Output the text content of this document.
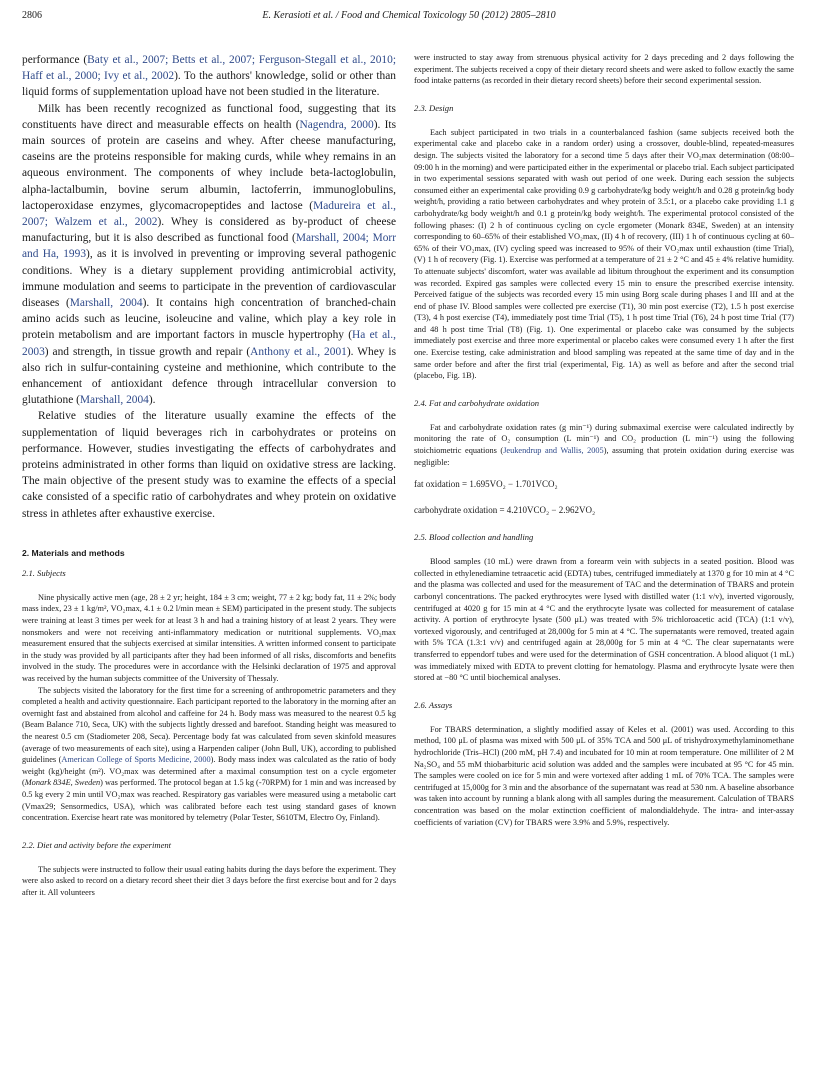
2806	E. Kerasioti et al. / Food and Chemical Toxicology 50 (2012) 2805–2810

performance (Baty et al., 2007; Betts et al., 2007; Ferguson-Stegall et al., 2010; Haff et al., 2000; Ivy et al., 2002). To the authors' knowledge, solid or other than liquid forms of supplementation upload have not been studied in the literature.

Milk has been recently recognized as functional food, suggesting that its constituents have direct and measurable effects on health (Nagendra, 2000). Its main sources of protein are caseins and whey. After cheese manufacturing, caseins are the proteins responsible for making curds, while whey remains in an aqueous environment. The components of whey include beta-lactoglobulin, alpha-lactalbumin, bovine serum albumin, lactoferrin, immunoglobulins, lactoperoxidase enzymes, glycomacropeptides and lactose (Madureira et al., 2007; Walzem et al., 2002). Whey is considered as by-product of cheese manufacturing, but it is also described as functional food (Marshall, 2004; Morr and Ha, 1993), as it is involved in preventing or improving several pathogenic conditions. Whey is a dietary supplement providing antimicrobial activity, immune modulation and seems to participate in the prevention of cardiovascular diseases (Marshall, 2004). It contains high concentration of branched-chain amino acids such as leucine, isoleucine and valine, which play a key role in protein metabolism and are important factors in muscle hypertrophy (Ha et al., 2003) and strength, in tissue growth and repair (Anthony et al., 2001). Whey is also rich in sulfur-containing cysteine and methionine, which contribute to the enhancement of antioxidant defence through intracellular conversion to glutathione (Marshall, 2004).

Relative studies of the literature usually examine the effects of the supplementation of liquid beverages rich in carbohydrates or proteins on performance. However, studies investigating the effects of carbohydrates and proteins administrated in other forms than liquid on oxidative stress are lacking. The main objective of the present study was to examine the effects of a special cake consisted of a specific ratio of carbohydrates and whey protein on oxidative stress in athletes after exhaustive exercise.

2. Materials and methods

2.1. Subjects

Nine physically active men (age, 28 ± 2 yr; height, 184 ± 3 cm; weight, 77 ± 2 kg; body fat, 11 ± 2%; body mass index, 23 ± 1 kg/m², VO₂max, 4.1 ± 0.2 l/min mean ± SEM) participated in the present study. The subjects were training at least 3 times per week for at least 3 h and had a training history of at least 2 years. They were nonsmokers and were not receiving anti-inflammatory medication or nutritional supplements. VO₂max measurement ensured that the subjects exercised at similar intensities. A written informed consent to participate in the study was provided by all participants after they had been informed of all risks, discomforts and benefits involved in the study. The procedures were in accordance with the Helsinki declaration of 1975 and approval was received by the human subjects committee of the University of Thessaly.

The subjects visited the laboratory for the first time for a screening of anthropometric parameters and they completed a health and activity questionnaire. Each participant reported to the laboratory in the morning after an overnight fast and abstained from alcohol and caffeine for 24 h. Body mass was measured to the nearest 0.5 kg (Beam Balance 710, Seca, UK) with the subjects lightly dressed and barefoot. Standing height was measured to the nearest 0.5 cm (Stadiometer 208, Seca). Percentage body fat was calculated from seven skinfold measures (average of two measurements of each site), using a Harpenden caliper (John Bull, UK), according to published guidelines (American College of Sports Medicine, 2000). Body mass index was calculated as the ratio of body weight (kg)/height (m²). VO₂max was determined after a maximal consumption test on a cycle ergometer (Monark 834E, Sweden) was performed. The protocol began at 1.5 kg (-70RPM) for 1 min and was increased by 0.5 kg every 2 min until VO₂max was reached. Respiratory gas variables were measured using a metabolic cart (Vmax29; Sensormedics, USA), which was calibrated before each test using standard gases of known concentration. Exercise heart rate was monitored by telemetry (Polar Tester, S610TM, Electro Oy, Finland).

2.2. Diet and activity before the experiment

The subjects were instructed to follow their usual eating habits during the days before the experiment. They were also asked to record on a dietary record sheet their diet 3 days before the first exercise bout and for 2 days after it. All volunteers

were instructed to stay away from strenuous physical activity for 2 days preceding and 2 days following the experiment. The subjects received a copy of their dietary record sheets and were asked to follow exactly the same food intake patterns (as recorded in their dietary record sheets) before their second experimental session.

2.3. Design

Each subject participated in two trials in a counterbalanced fashion (same subjects received both the experimental cake and placebo cake in a random order) using a crossover, double-blind, repeated-measures design. The subjects visited the laboratory for a second time 5 days after their VO₂max determination (08:00–09:00 h in the morning) and were participated either in the experimental or placebo trial. Each subject participated in two experimental sessions separated with wash out period of one week. During each session the subjects consumed either an experimental cake providing 0.9 g carbohydrate/kg body weight/h and 0.28 g protein/kg body weight/h, providing a ratio between carbohydrates and whey protein of 3.5:1, or a placebo cake providing 1.1 g carbohydrate/kg body weight/h and 0.1 g protein/kg body weight/h. The experimental protocol consisted of the following phases: (I) 2 h of continuous cycling on cycle ergometer (Monark 834E, Sweden) at an intensity corresponding to 60–65% of their established VO₂max, (II) 4 h of recovery, (III) 1 h of continuous cycling at 60–65% of their VO₂max, (IV) cycling speed was increased to 95% of their VO₂max until exhaustion (time Trial), (V) 1 h of recovery (Fig. 1). Exercise was performed at a temperature of 21 ± 2 °C and 45 ± 4% relative humidity. To attenuate subjects' discomfort, water was available ad libitum throughout the experiment and its consumption was recorded. Expired gas samples were collected every 15 min to ensure the prescribed exercise intensity. Perceived fatigue of the subjects was recorded every 15 min using Borg scale during phases I and III and at the end of phase IV. Blood samples were collected pre exercise (T1), 30 min post exercise (T2), 1.5 h post exercise (T3), 4 h post exercise (T4), immediately post time Trial (T5), 1 h post time Trial (T6), 24 h post time Trial (T7) and 48 h post time Trial (T8) (Fig. 1). One experimental or placebo cake was consumed by the subjects immediately post exercise and three more experimental or placebo cakes were consumed every 1 h after the first one. Exercise testing, cake administration and blood sampling was repeated at the same time of day and in the same order before and after the first trial (experimental, Fig. 1A) as well as before and after the second trial (placebo, Fig. 1B).

2.4. Fat and carbohydrate oxidation

Fat and carbohydrate oxidation rates (g min⁻¹) during submaximal exercise were calculated indirectly by monitoring the rate of O₂ consumption (L min⁻¹) and CO₂ production (L min⁻¹) using the following stoichiometric equations (Jeukendrup and Wallis, 2005), assuming that protein oxidation during exercise was negligible:

fat oxidation = 1.695VO₂ − 1.701VCO₂

carbohydrate oxidation = 4.210VCO₂ − 2.962VO₂

2.5. Blood collection and handling

Blood samples (10 mL) were drawn from a forearm vein with subjects in a seated position. Blood was collected in ethylenediamine tetraacetic acid (EDTA) tubes, centrifuged immediately at 1370 g for 10 min at 4 °C and the plasma was collected and used for the measurement of TAC and the determination of TBARS and protein carbonyl concentrations. The packed erythrocytes were lysed with distilled water (1:1 v/v), inverted vigorously, centrifuged at 4020 g for 15 min at 4 °C and the erythrocyte lysate was collected for measurement of catalase activity. A portion of erythrocyte lysate (500 μL) was treated with 5% trichloroacetic acid (TCA) (1:1 v/v), vortexed vigorously, and centrifuged at 28,000g for 5 min at 4 °C. The supernatants were removed, treated again with 5% TCA (1.3:1 v/v) and centrifuged again at 28,000g for 5 min at 4 °C. The clear supernatants were transferred to eppendorf tubes and were used for the determination of GSH concentration. A blood aliquot (1 mL) was immediately mixed with EDTA to prevent clotting for hematology. Plasma and erythrocyte lysate were then stored at −80 °C until biochemical analyses.

2.6. Assays

For TBARS determination, a slightly modified assay of Keles et al. (2001) was used. According to this method, 100 μL of plasma was mixed with 500 μL of 35% TCA and 500 μL of trishydroxymethylaminomethane hydrochloride (Tris–HCl) (200 mM, pH 7.4) and incubated for 10 min at room temperature. One milliliter of 2 M Na₂SO₄ and 55 mM thiobarbituric acid solution was added and the samples were incubated at 95 °C for 45 min. The samples were cooled on ice for 5 min and were vortexed after adding 1 mL of 70% TCA. The samples were centrifuged at 15,000g for 3 min and the absorbance of the supernatant was read at 530 nm. A baseline absorbance was taken into account by running a blank along with all samples during the measurement. Calculation of TBARS concentration was based on the molar extinction coefficient of malondialdehyde. The intra- and inter-assay coefficients of variation (CV) for TBARS were 3.9% and 5.9%, respectively.
